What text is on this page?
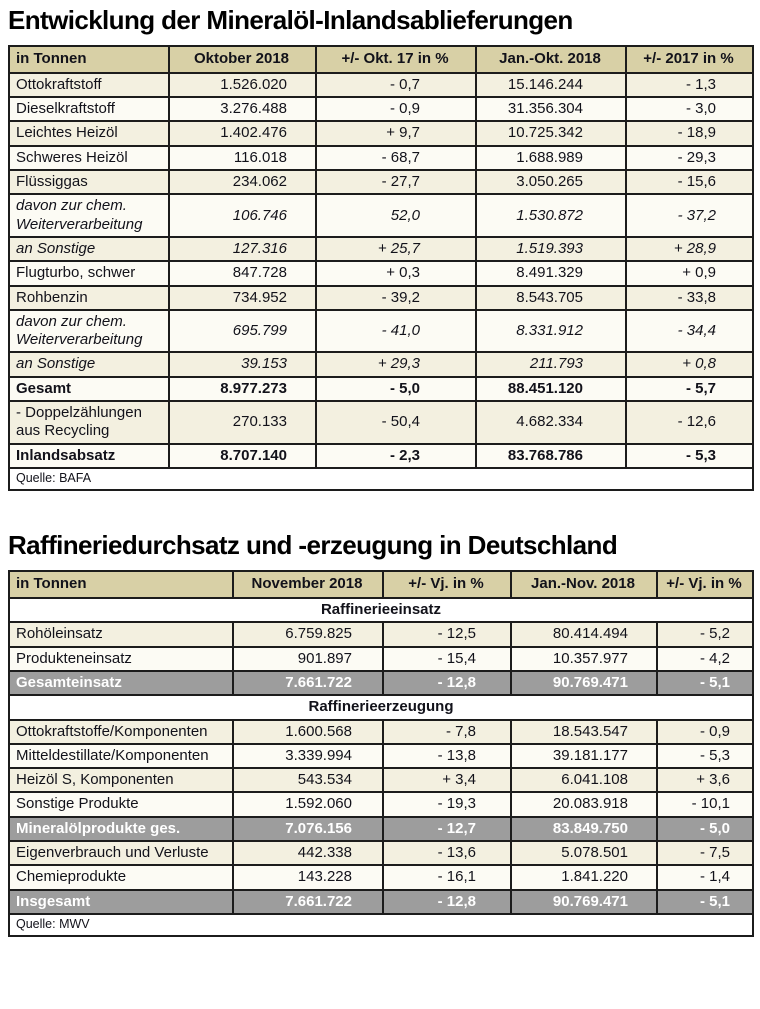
Entwicklung der Mineralöl-Inlandsablieferungen
in Tonnen	Oktober 2018	+/- Okt. 17 in %	Jan.-Okt. 2018	+/- 2017 in %
Ottokraftstoff	1.526.020	- 0,7	15.146.244	- 1,3
Dieselkraftstoff	3.276.488	- 0,9	31.356.304	- 3,0
Leichtes Heizöl	1.402.476	+ 9,7	10.725.342	- 18,9
Schweres Heizöl	116.018	- 68,7	1.688.989	- 29,3
Flüssiggas	234.062	- 27,7	3.050.265	- 15,6
davon zur chem. Weiterverarbeitung	106.746	52,0	1.530.872	- 37,2
an Sonstige	127.316	+ 25,7	1.519.393	+ 28,9
Flugturbo, schwer	847.728	+ 0,3	8.491.329	+ 0,9
Rohbenzin	734.952	- 39,2	8.543.705	- 33,8
davon zur chem. Weiterverarbeitung	695.799	- 41,0	8.331.912	- 34,4
an Sonstige	39.153	+ 29,3	211.793	+ 0,8
Gesamt	8.977.273	- 5,0	88.451.120	- 5,7
- Doppelzählungen aus Recycling	270.133	- 50,4	4.682.334	- 12,6
Inlandsabsatz	8.707.140	- 2,3	83.768.786	- 5,3
Quelle: BAFA				
Raffineriedurchsatz und -erzeugung in Deutschland
in Tonnen	November 2018	+/- Vj. in %	Jan.-Nov. 2018	+/- Vj. in %
Raffinerieeinsatz				
Rohöleinsatz	6.759.825	- 12,5	80.414.494	- 5,2
Produkteneinsatz	901.897	- 15,4	10.357.977	- 4,2
Gesamteinsatz	7.661.722	- 12,8	90.769.471	- 5,1
Raffinerieerzeugung				
Ottokraftstoffe/Komponenten	1.600.568	- 7,8	18.543.547	- 0,9
Mitteldestillate/Komponenten	3.339.994	- 13,8	39.181.177	- 5,3
Heizöl S, Komponenten	543.534	+ 3,4	6.041.108	+ 3,6
Sonstige Produkte	1.592.060	- 19,3	20.083.918	- 10,1
Mineralölprodukte ges.	7.076.156	- 12,7	83.849.750	- 5,0
Eigenverbrauch und Verluste	442.338	- 13,6	5.078.501	- 7,5
Chemieprodukte	143.228	- 16,1	1.841.220	- 1,4
Insgesamt	7.661.722	- 12,8	90.769.471	- 5,1
Quelle: MWV				
